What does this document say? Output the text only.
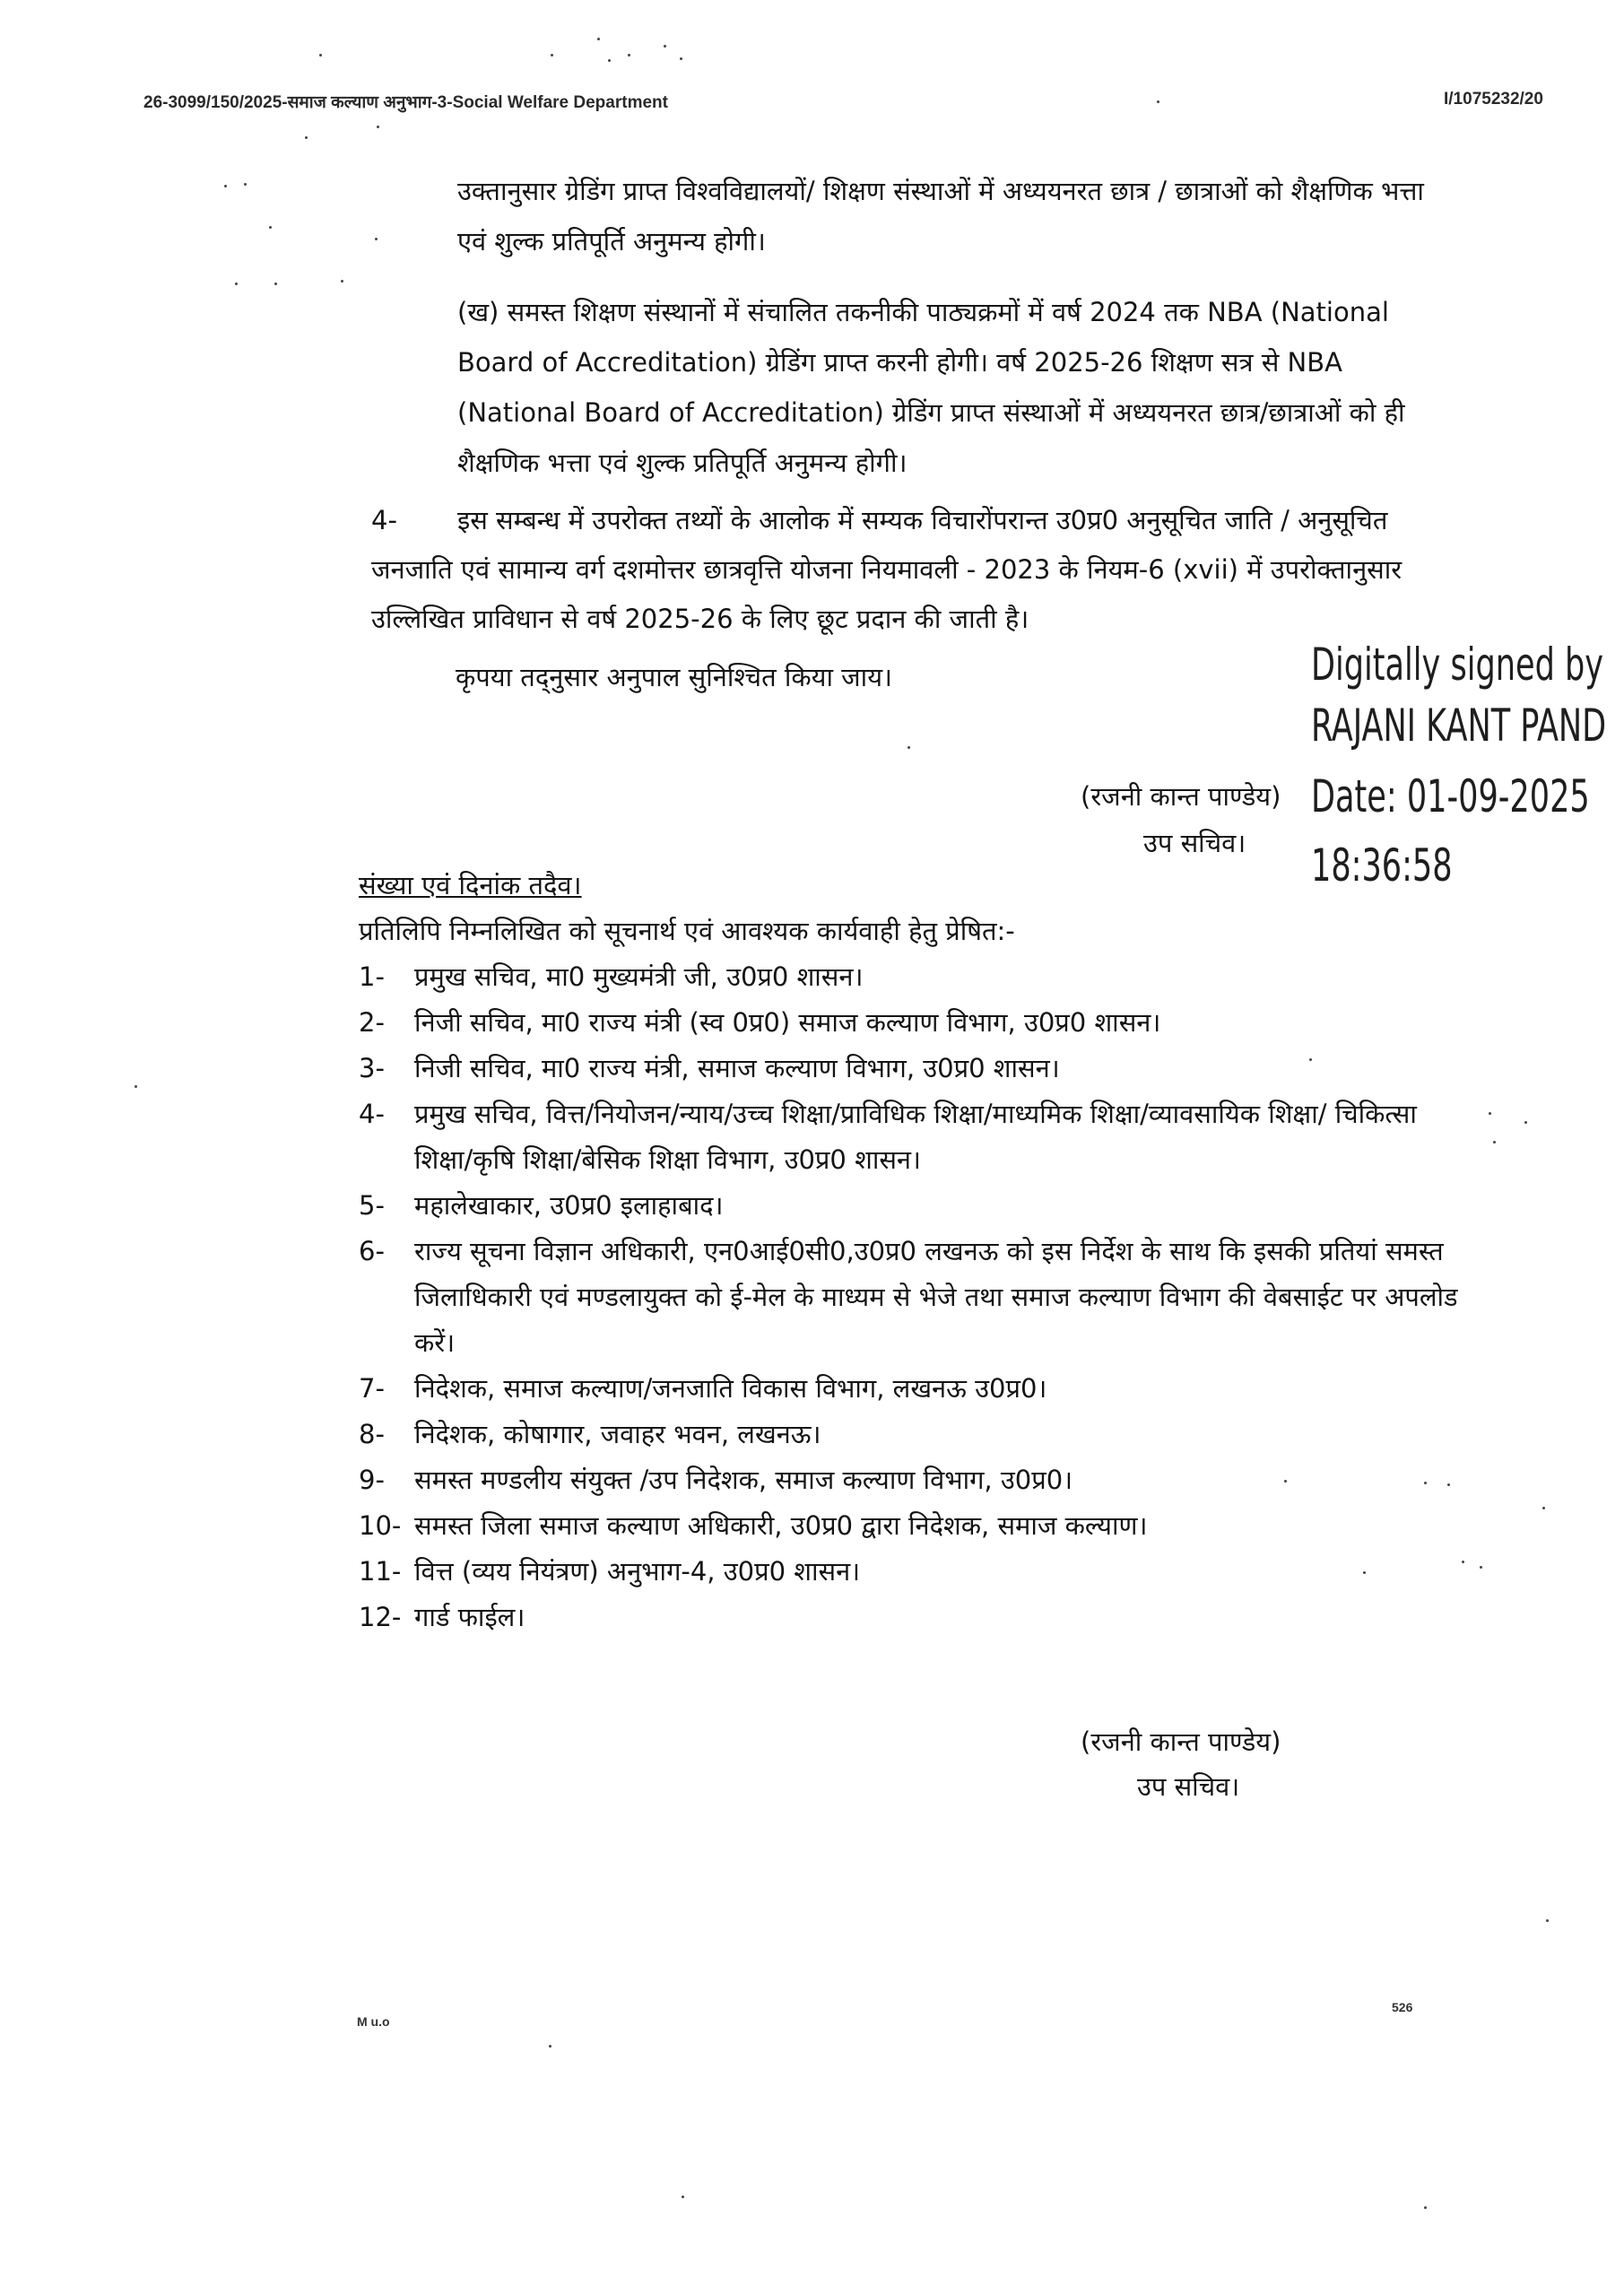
26-3099/150/2025-समाज कल्याण अनुभाग-3-Social Welfare Department	I/1075232/20
उक्तानुसार ग्रेडिंग प्राप्त विश्वविद्यालयों/ शिक्षण संस्थाओं में अध्ययनरत छात्र / छात्राओं को शैक्षणिक भत्ता एवं शुल्क प्रतिपूर्ति अनुमन्य होगी।
(ख) समस्त शिक्षण संस्थानों में संचालित तकनीकी पाठ्यक्रमों में वर्ष 2024 तक NBA (National Board of Accreditation) ग्रेडिंग प्राप्त करनी होगी। वर्ष 2025-26 शिक्षण सत्र से NBA (National Board of Accreditation) ग्रेडिंग प्राप्त संस्थाओं में अध्ययनरत छात्र/छात्राओं को ही शैक्षणिक भत्ता एवं शुल्क प्रतिपूर्ति अनुमन्य होगी।
4- इस सम्बन्ध में उपरोक्त तथ्यों के आलोक में सम्यक विचारोंपरान्त उ0प्र0 अनुसूचित जाति / अनुसूचित जनजाति एवं सामान्य वर्ग दशमोत्तर छात्रवृत्ति योजना नियमावली - 2023 के नियम-6 (xvii) में उपरोक्तानुसार उल्लिखित प्राविधान से वर्ष 2025-26 के लिए छूट प्रदान की जाती है।
कृपया तद्नुसार अनुपाल सुनिश्चित किया जाय।	Digitally signed by
RAJANI KANT PAND
Date: 01-09-2025
18:36:58
(रजनी कान्त पाण्डेय)
उप सचिव।
संख्या एवं दिनांक तदैव।
प्रतिलिपि निम्नलिखित को सूचनार्थ एवं आवश्यक कार्यवाही हेतु प्रेषित:-
1-	प्रमुख सचिव, मा0 मुख्यमंत्री जी, उ0प्र0 शासन।
2-	निजी सचिव, मा0 राज्य मंत्री (स्व 0प्र0) समाज कल्याण विभाग, उ0प्र0 शासन।
3-	निजी सचिव, मा0 राज्य मंत्री, समाज कल्याण विभाग, उ0प्र0 शासन।
4-	प्रमुख सचिव, वित्त/नियोजन/न्याय/उच्च शिक्षा/प्राविधिक शिक्षा/माध्यमिक शिक्षा/व्यावसायिक शिक्षा/ चिकित्सा शिक्षा/कृषि शिक्षा/बेसिक शिक्षा विभाग, उ0प्र0 शासन।
5-	महालेखाकार, उ0प्र0 इलाहाबाद।
6-	राज्य सूचना विज्ञान अधिकारी, एन0आई0सी0,उ0प्र0 लखनऊ को इस निर्देश के साथ कि इसकी प्रतियां समस्त जिलाधिकारी एवं मण्डलायुक्त को ई-मेल के माध्यम से भेजे तथा समाज कल्याण विभाग की वेबसाईट पर अपलोड करें।
7-	निदेशक, समाज कल्याण/जनजाति विकास विभाग, लखनऊ उ0प्र0।
8-	निदेशक, कोषागार, जवाहर भवन, लखनऊ।
9-	समस्त मण्डलीय संयुक्त /उप निदेशक, समाज कल्याण विभाग, उ0प्र0।
10- समस्त जिला समाज कल्याण अधिकारी, उ0प्र0 द्वारा निदेशक, समाज कल्याण।
11- वित्त (व्यय नियंत्रण) अनुभाग-4, उ0प्र0 शासन।
12- गार्ड फाईल।
(रजनी कान्त पाण्डेय)
उप सचिव।
M u.o
526
